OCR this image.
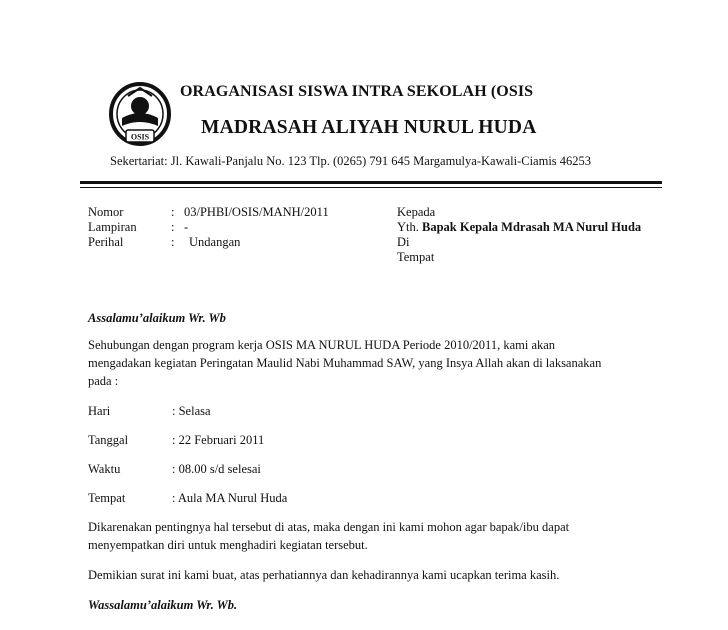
OSIS
ORAGANISASI SISWA INTRA SEKOLAH (OSIS
MADRASAH ALIYAH NURUL HUDA
Sekertariat: Jl. Kawali-Panjalu No. 123 Tlp. (0265) 791 645 Margamulya-Kawali-Ciamis 46253
Nomor	: 03/PHBI/OSIS/MANH/2011
Lampiran	: -
Perihal	: Undangan
Kepada
Yth. Bapak Kepala Mdrasah MA Nurul Huda
Di
Tempat
Assalamu’alaikum Wr. Wb
Sehubungan dengan program kerja OSIS MA NURUL HUDA Periode 2010/2011, kami akan
mengadakan kegiatan Peringatan Maulid Nabi Muhammad SAW, yang Insya Allah akan di laksanakan
pada :
Hari	: Selasa
Tanggal	: 22 Februari 2011
Waktu	: 08.00 s/d selesai
Tempat	: Aula MA Nurul Huda
Dikarenakan pentingnya hal tersebut di atas, maka dengan ini kami mohon agar bapak/ibu dapat
menyempatkan diri untuk menghadiri kegiatan tersebut.
Demikian surat ini kami buat, atas perhatiannya dan kehadirannya kami ucapkan terima kasih.
Wassalamu’alaikum Wr. Wb.
